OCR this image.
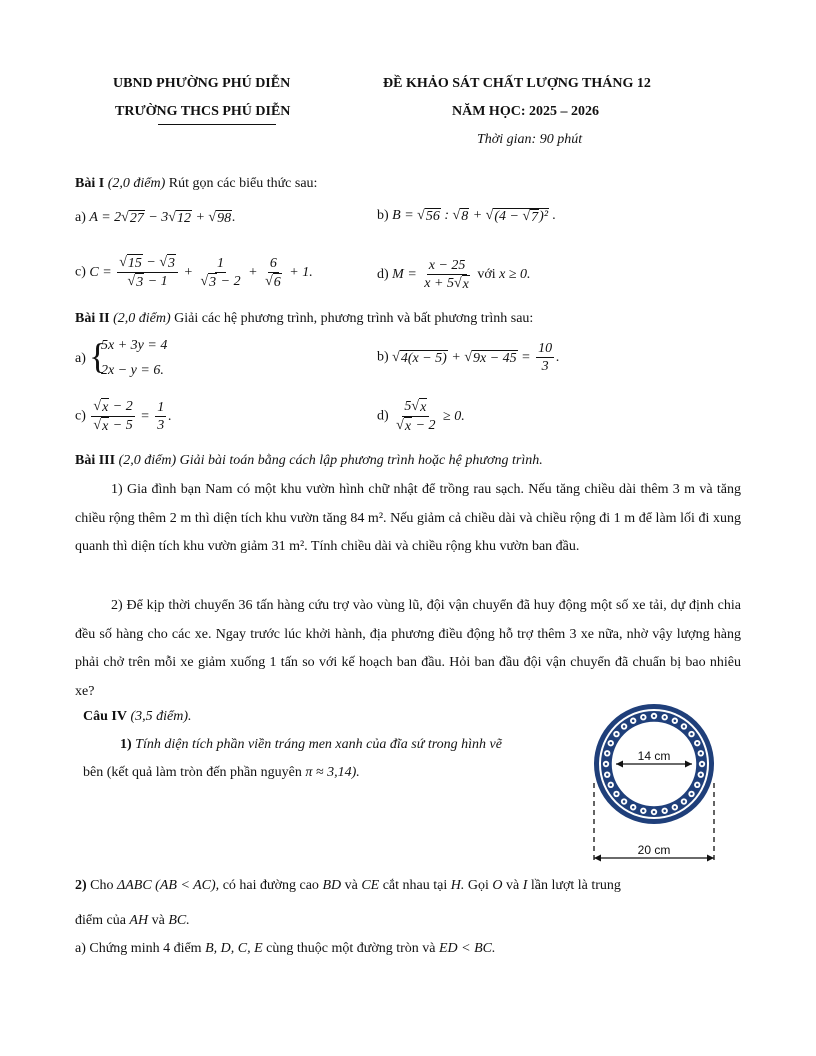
UBND PHƯỜNG PHÚ DIỄN
TRƯỜNG THCS PHÚ DIỄN
ĐỀ KHẢO SÁT CHẤT LƯỢNG THÁNG 12
NĂM HỌC: 2025 – 2026
Thời gian: 90 phút
Bài I (2,0 điểm) Rút gọn các biểu thức sau:
a) A = 2 √ 27 − 3 √ 12 + √ 98 .	b) B = √ 56 : √ 8 + √ (4 − √ 7 )² .
c) $C = \frac{√ 15 - √ 3}{√ 3 - 1} + \frac{1}{√ 3 - 2} + \frac{6}{√ 6} + 1$.	d) $M = \frac{x - 25}{x + 5 √ x}$ với x ≥ 0.
Bài II (2,0 điểm) Giải các hệ phương trình, phương trình và bất phương trình sau:
a) {
5x + 3y = 4
2x − y = 6.
b) √ 4(x − 5) + √ $9x - 45 = \frac{10}{3}$ .
$c) \frac{√ x - 2}{√ x - 5} = \frac{1}{3}$ .	$d) \frac{5 √ x}{√ x - 2} \ge 0$.
Bài III (2,0 điểm) Giải bài toán bằng cách lập phương trình hoặc hệ phương trình.
1) Gia đình bạn Nam có một khu vườn hình chữ nhật để trồng rau sạch. Nếu tăng chiều dài thêm 3 m và tăng chiều rộng thêm 2 m thì diện tích khu vườn tăng 84 m². Nếu giảm cả chiều dài và chiều rộng đi 1 m để làm lối đi xung quanh thì diện tích khu vườn giảm 31 m². Tính chiều dài và chiều rộng khu vườn ban đầu.
2) Để kịp thời chuyển 36 tấn hàng cứu trợ vào vùng lũ, đội vận chuyển đã huy động một số xe tải, dự định chia đều số hàng cho các xe. Ngay trước lúc khởi hành, địa phương điều động hỗ trợ thêm 3 xe nữa, nhờ vậy lượng hàng phải chở trên mỗi xe giảm xuống 1 tấn so với kế hoạch ban đầu. Hỏi ban đầu đội vận chuyển đã chuẩn bị bao nhiêu xe?
Câu IV (3,5 điểm).
1) Tính diện tích phần viền tráng men xanh của đĩa sứ trong hình vẽ
bên (kết quả làm tròn đến phần nguyên π ≈ 3,14).
14 cm
20 cm
2) Cho ΔABC (AB < AC), có hai đường cao BD và CE cắt nhau tại H. Gọi O và I lần lượt là trung
điểm của AH và BC.
a) Chứng minh 4 điểm B, D, C, E cùng thuộc một đường tròn và ED < BC.
